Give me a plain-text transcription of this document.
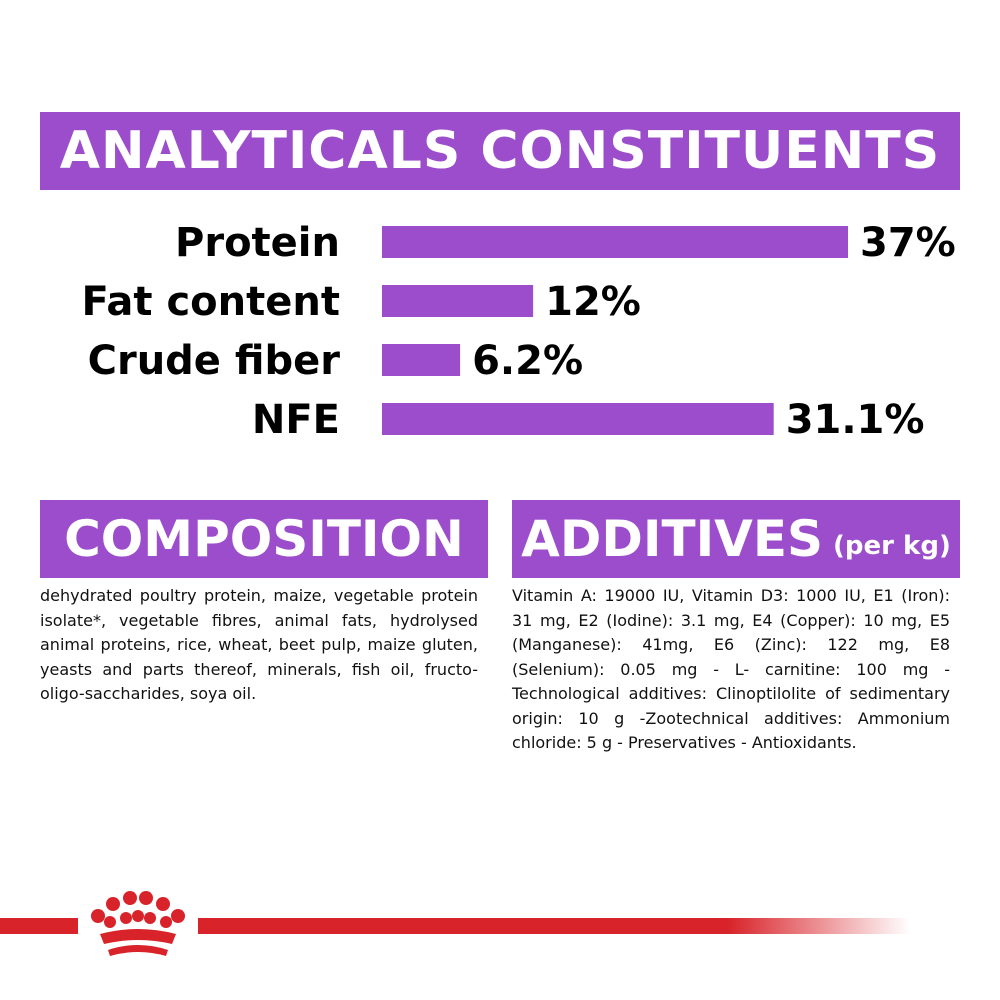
ANALYTICALS CONSTITUENTS
Protein	37%
Fat content	12%
Crude fiber	6.2%
NFE	31.1%
COMPOSITION

dehydrated poultry protein, maize, vegetable protein isolate*, vegetable fibres, animal fats, hydrolysed animal proteins, rice, wheat, beet pulp, maize gluten, yeasts and parts thereof, minerals, fish oil, fructo-oligo-saccharides, soya oil.

ADDITIVES (per kg)

Vitamin A: 19000 IU, Vitamin D3: 1000 IU, E1 (Iron): 31 mg, E2 (Iodine): 3.1 mg, E4 (Copper): 10 mg, E5 (Manganese): 41mg, E6 (Zinc): 122 mg, E8 (Selenium): 0.05 mg - L- carnitine: 100 mg - Technological additives: Clinoptilolite of sedimentary origin: 10 g -Zootechnical additives: Ammonium chloride: 5 g - Preservatives - Antioxidants.
